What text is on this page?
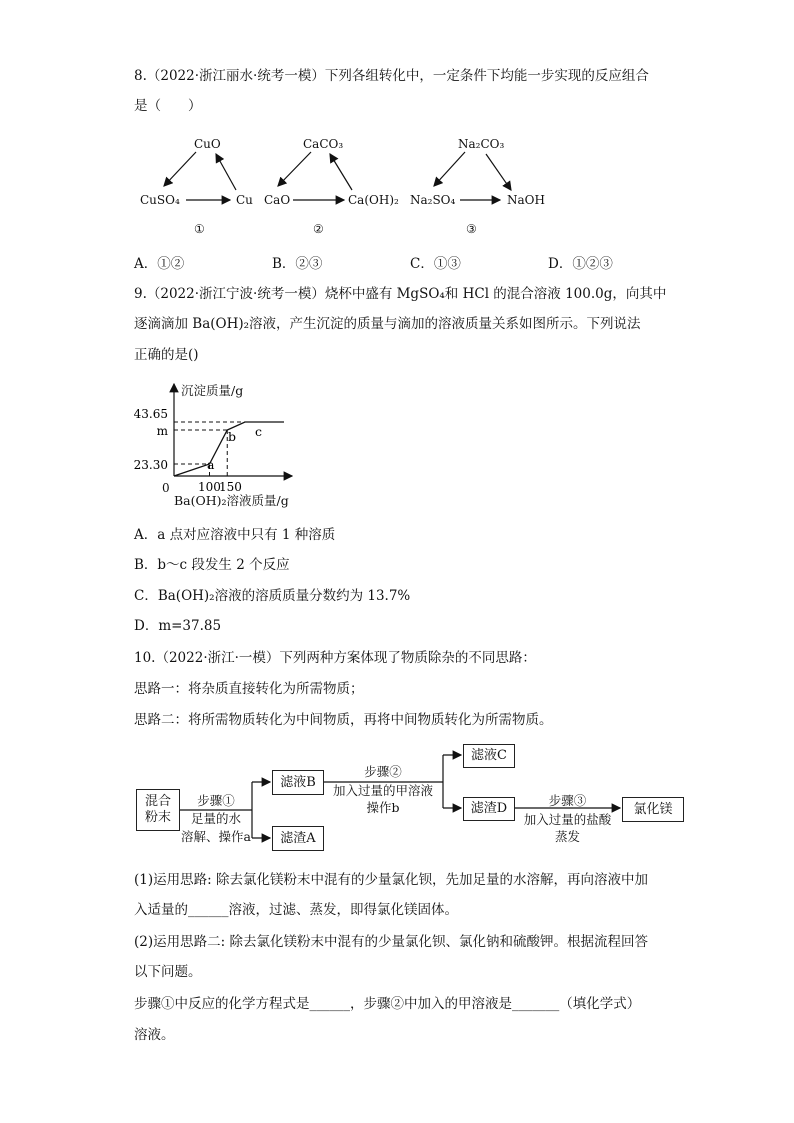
8.（2022·浙江丽水·统考一模）下列各组转化中，一定条件下均能一步实现的反应组合
是（　　）
CuO
CuSO₄	Cu
①
CaCO₃
CaO	Ca(OH)₂
②
Na₂CO₃
Na₂SO₄	NaOH
③
A．①②	B．②③	C．①③	D．①②③
9.（2022·浙江宁波·统考一模）烧杯中盛有 MgSO₄和 HCl 的混合溶液 100.0g，向其中
逐滴滴加 Ba(OH)₂溶液，产生沉淀的质量与滴加的溶液质量关系如图所示。下列说法
正确的是()
43.65
m
23.30
100
150
a
b c
沉淀质量/g
0
Ba(OH)₂溶液质量/g
A．a 点对应溶液中只有 1 种溶质
B．b～c 段发生 2 个反应
C．Ba(OH)₂溶液的溶质质量分数约为 13.7%
D．m=37.85
10.（2022·浙江·一模）下列两种方案体现了物质除杂的不同思路：
思路一：将杂质直接转化为所需物质；
思路二：将所需物质转化为中间物质，再将中间物质转化为所需物质。
混合
粉末
滤液B
滤渣A
滤液C
滤渣D	氯化镁
步骤①
足量的水
溶解、操作a
步骤②
加入过量的甲溶液
操作b	步骤③
加入过量的盐酸
蒸发
(1)运用思路: 除去氯化镁粉末中混有的少量氯化钡，先加足量的水溶解，再向溶液中加
入适量的______溶液，过滤、蒸发，即得氯化镁固体。
(2)运用思路二: 除去氯化镁粉末中混有的少量氯化钡、氯化钠和硫酸钾。根据流程回答
以下问题。
步骤①中反应的化学方程式是______，步骤②中加入的甲溶液是_______（填化学式）
溶液。
